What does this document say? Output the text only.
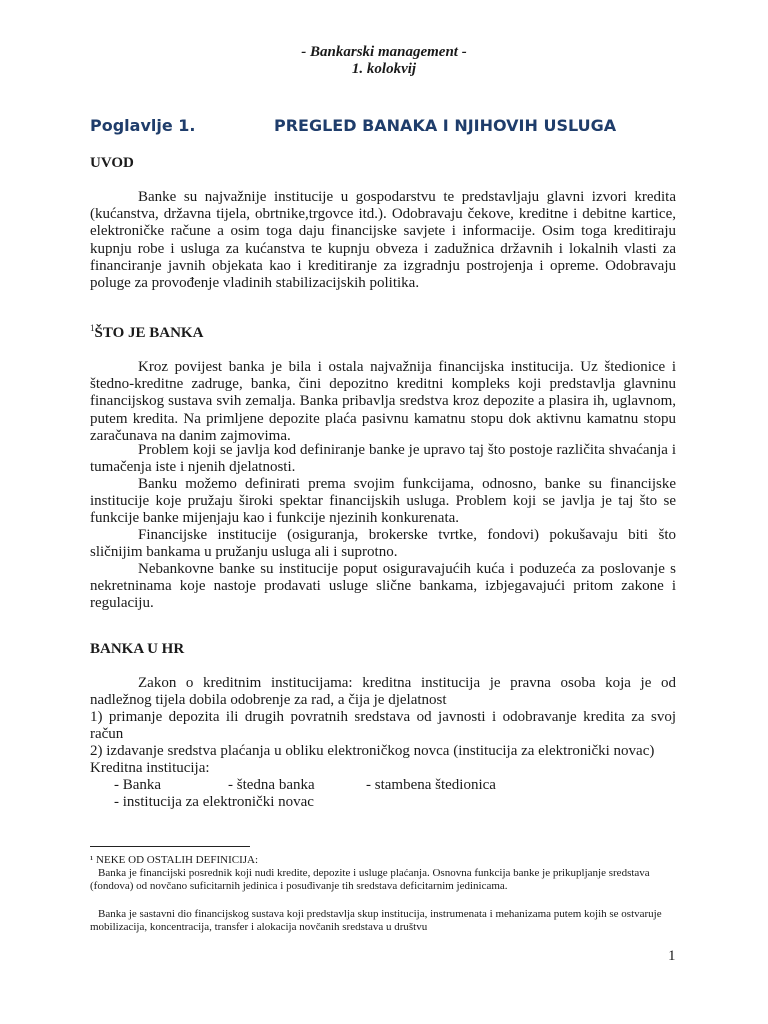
- Bankarski management -
1. kolokvij
Poglavlje 1.	PREGLED BANAKA I NJIHOVIH USLUGA
UVOD
Banke su najvažnije institucije u gospodarstvu te predstavljaju glavni izvori kredita (kućanstva, državna tijela, obrtnike,trgovce itd.). Odobravaju čekove, kreditne i debitne kartice, elektroničke račune a osim toga daju financijske savjete i informacije. Osim toga kreditiraju kupnju robe i usluga za kućanstva te kupnju obveza i zadužnica državnih i lokalnih vlasti za financiranje javnih objekata kao i kreditiranje za izgradnju postrojenja i opreme. Odobravaju poluge za provođenje vladinih stabilizacijskih politika.
$^1$ŠTO JE BANKA
Kroz povijest banka je bila i ostala najvažnija financijska institucija. Uz štedionice i štedno-kreditne zadruge, banka, čini depozitno kreditni kompleks koji predstavlja glavninu financijskog sustava svih zemalja. Banka pribavlja sredstva kroz depozite a plasira ih, uglavnom, putem kredita. Na primljene depozite plaća pasivnu kamatnu stopu dok aktivnu kamatnu stopu zaračunava na danim zajmovima.
Problem koji se javlja kod definiranje banke je upravo taj što postoje različita shvaćanja i tumačenja iste i njenih djelatnosti.
Banku možemo definirati prema svojim funkcijama, odnosno, banke su financijske institucije koje pružaju široki spektar financijskih usluga. Problem koji se javlja je taj što se funkcije banke mijenjaju kao i funkcije njezinih konkurenata.
Financijske institucije (osiguranja, brokerske tvrtke, fondovi) pokušavaju biti što sličnijim bankama u pružanju usluga ali i suprotno.
Nebankovne banke su institucije poput osiguravajućih kuća i poduzeća za poslovanje s nekretninama koje nastoje prodavati usluge slične bankama, izbjegavajući pritom zakone i regulaciju.
BANKA U HR
Zakon o kreditnim institucijama: kreditna institucija je pravna osoba koja je od nadležnog tijela dobila odobrenje za rad, a čija je djelatnost
1) primanje depozita ili drugih povratnih sredstava od javnosti i odobravanje kredita za svoj račun
2) izdavanje sredstva plaćanja u obliku elektroničkog novca (institucija za elektronički novac)
Kreditna institucija:
- Banka	- štedna banka	- stambena štedionica
- institucija za elektronički novac
¹ NEKE OD OSTALIH DEFINICIJA:
Banka je financijski posrednik koji nudi kredite, depozite i usluge plaćanja. Osnovna funkcija banke je prikupljanje sredstava (fondova) od novčano suficitarnih jedinica i posuđivanje tih sredstava deficitarnim jedinicama.
Banka je sastavni dio financijskog sustava koji predstavlja skup institucija, instrumenata i mehanizama putem kojih se ostvaruje mobilizacija, koncentracija, transfer i alokacija novčanih sredstava u društvu
1
